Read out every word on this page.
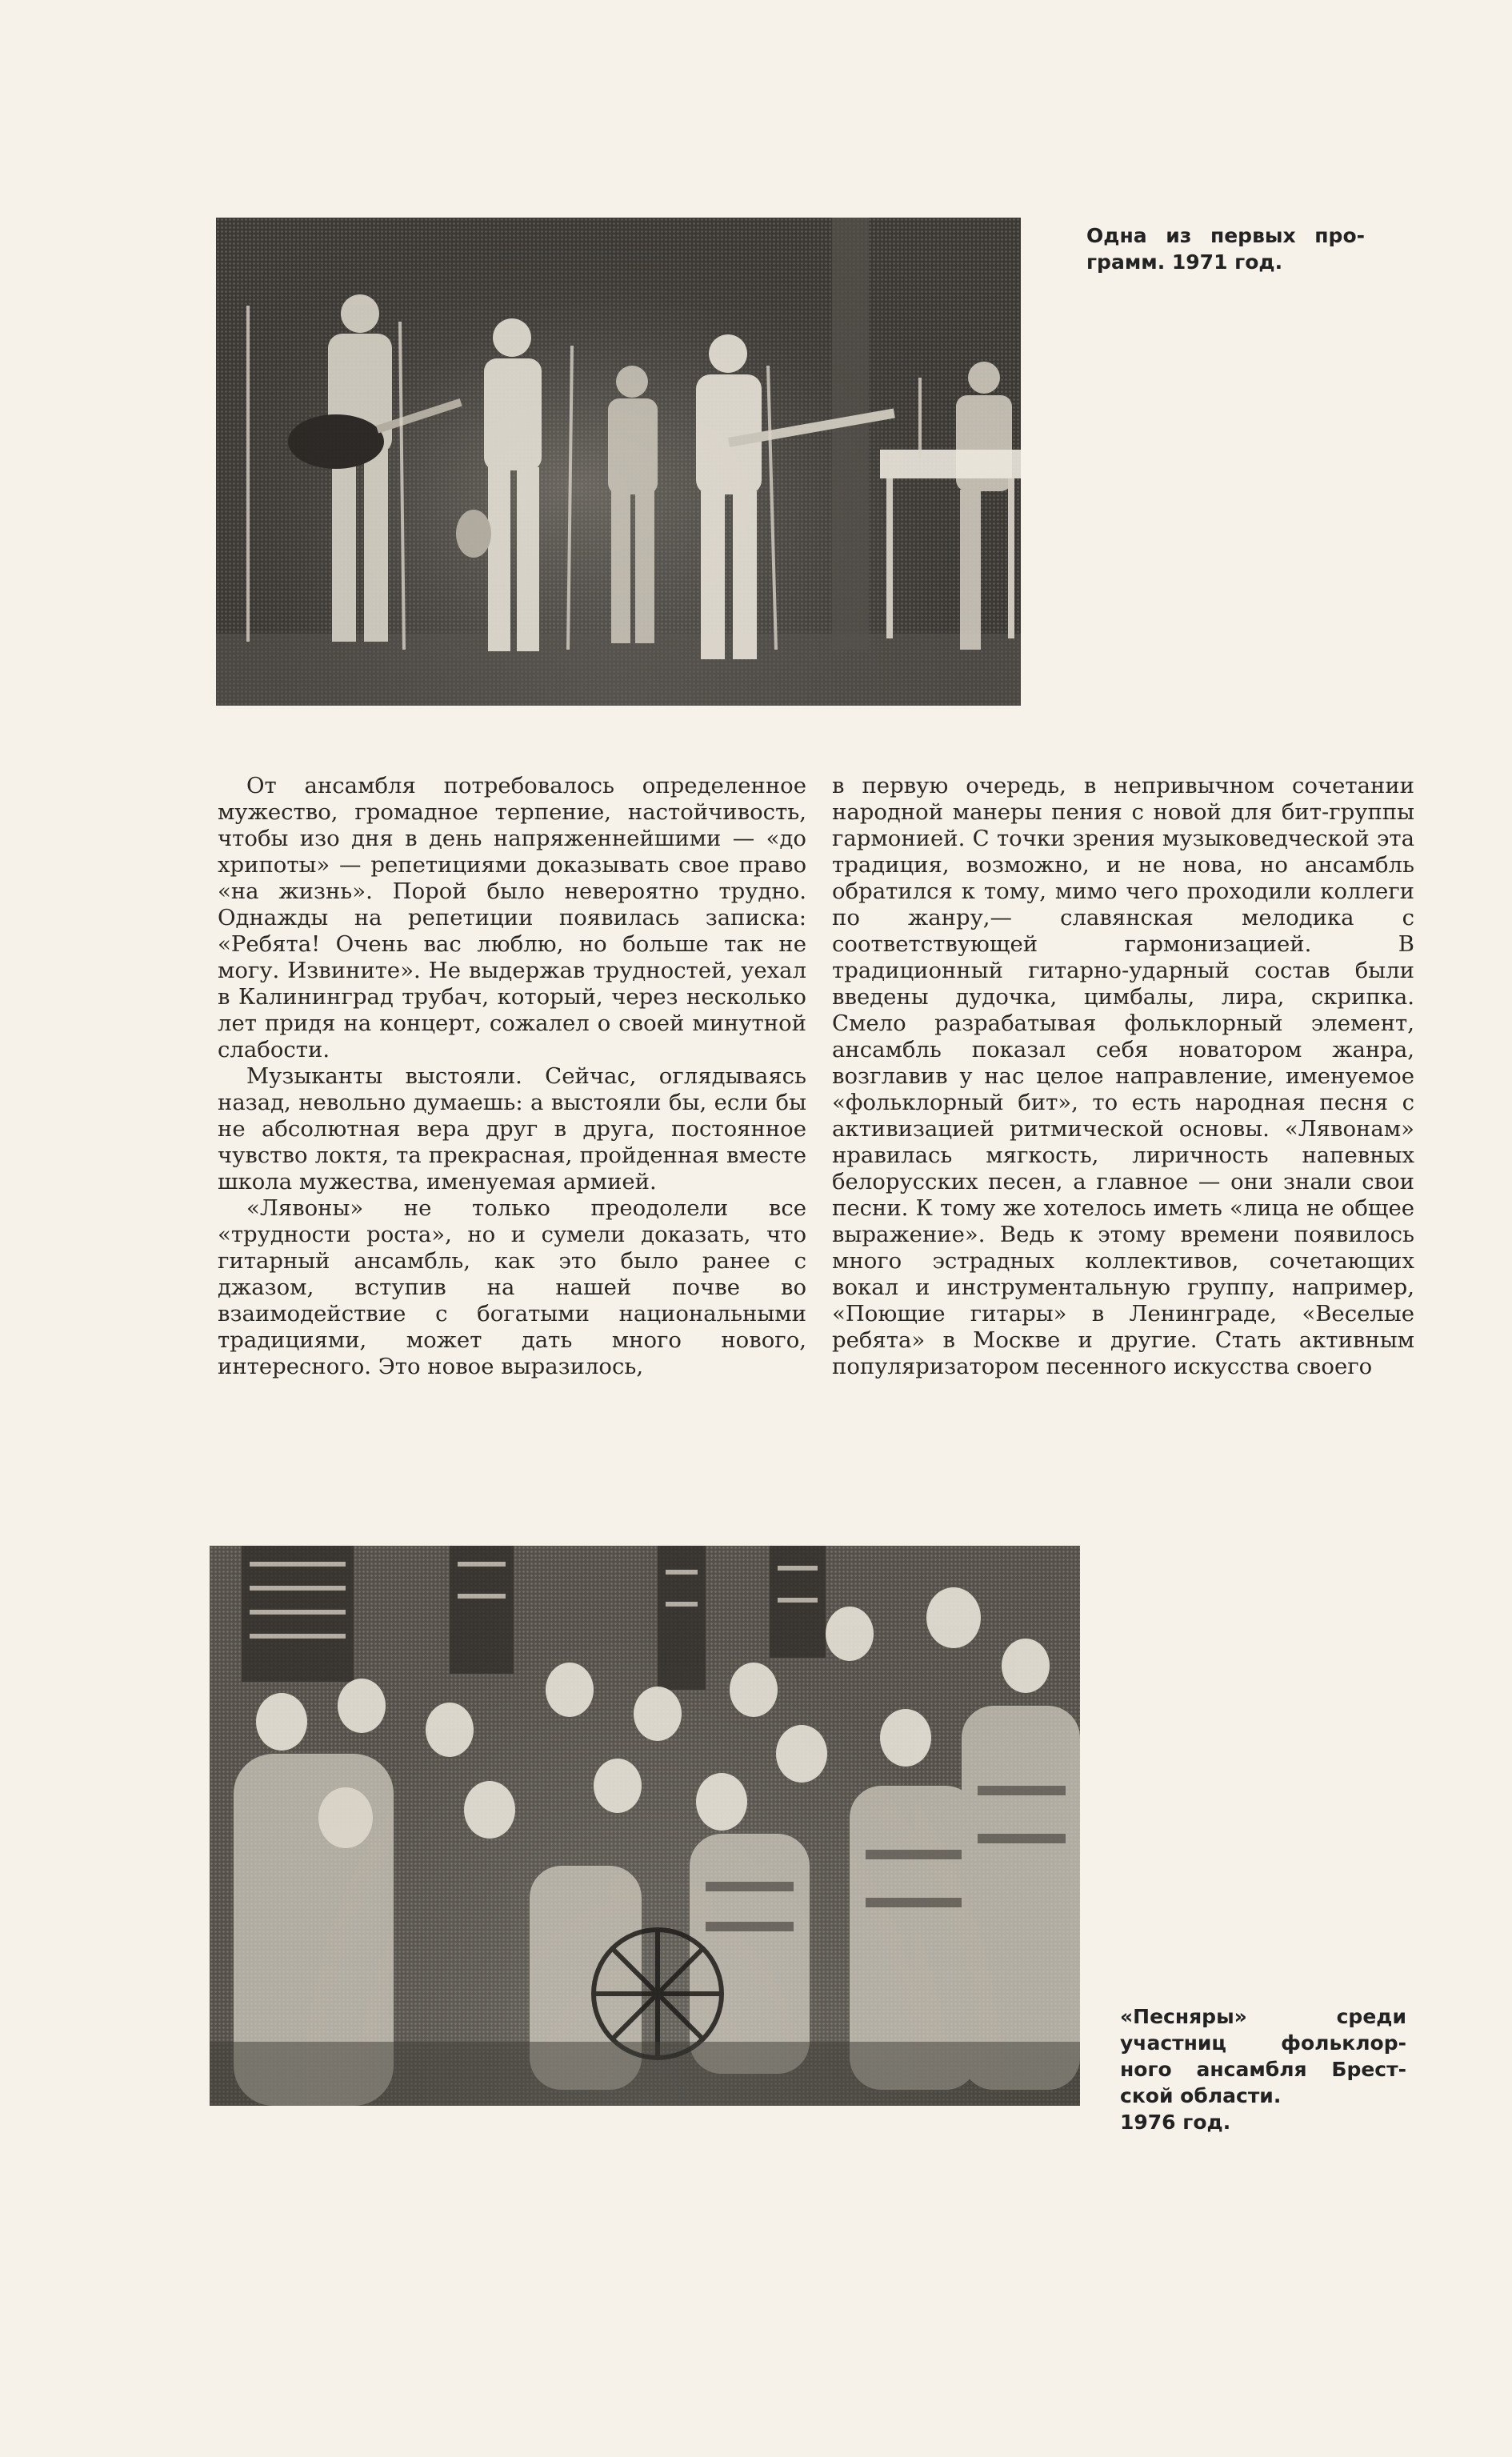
Одна из первых про-
грамм. 1971 год.

От ансамбля потребовалось определенное мужество, громадное терпение, настойчивость, чтобы изо дня в день напряженнейшими — «до хрипоты» — репетициями доказывать свое право «на жизнь». Порой было невероятно трудно. Однажды на репетиции появилась записка: «Ребята! Очень вас люблю, но больше так не могу. Извините». Не выдержав трудностей, уехал в Калининград трубач, который, через несколько лет придя на концерт, сожалел о своей минутной слабости.

Музыканты выстояли. Сейчас, оглядываясь назад, невольно думаешь: а выстояли бы, если бы не абсолютная вера друг в друга, постоянное чувство локтя, та прекрасная, пройденная вместе школа мужества, именуемая армией.

«Лявоны» не только преодолели все «трудности роста», но и сумели доказать, что гитарный ансамбль, как это было ранее с джазом, вступив на нашей почве во взаимодействие с богатыми национальными традициями, может дать много нового, интересного. Это новое выразилось,

в первую очередь, в непривычном сочетании народной манеры пения с новой для бит-группы гармонией. С точки зрения музыковедческой эта традиция, возможно, и не нова, но ансамбль обратился к тому, мимо чего проходили коллеги по жанру,— славянская мелодика с соответствующей гармонизацией. В традиционный гитарно-ударный состав были введены дудочка, цимбалы, лира, скрипка. Смело разрабатывая фольклорный элемент, ансамбль показал себя новатором жанра, возглавив у нас целое направление, именуемое «фольклорный бит», то есть народная песня с активизацией ритмической основы. «Лявонам» нравилась мягкость, лиричность напевных белорусских песен, а главное — они знали свои песни. К тому же хотелось иметь «лица не общее выражение». Ведь к этому времени появилось много эстрадных коллективов, сочетающих вокал и инструментальную группу, например, «Поющие гитары» в Ленинграде, «Веселые ребята» в Москве и другие. Стать активным популяризатором песенного искусства своего

«Песняры» среди
участниц фольклор-
ного ансамбля Брест-
ской области.
1976 год.
